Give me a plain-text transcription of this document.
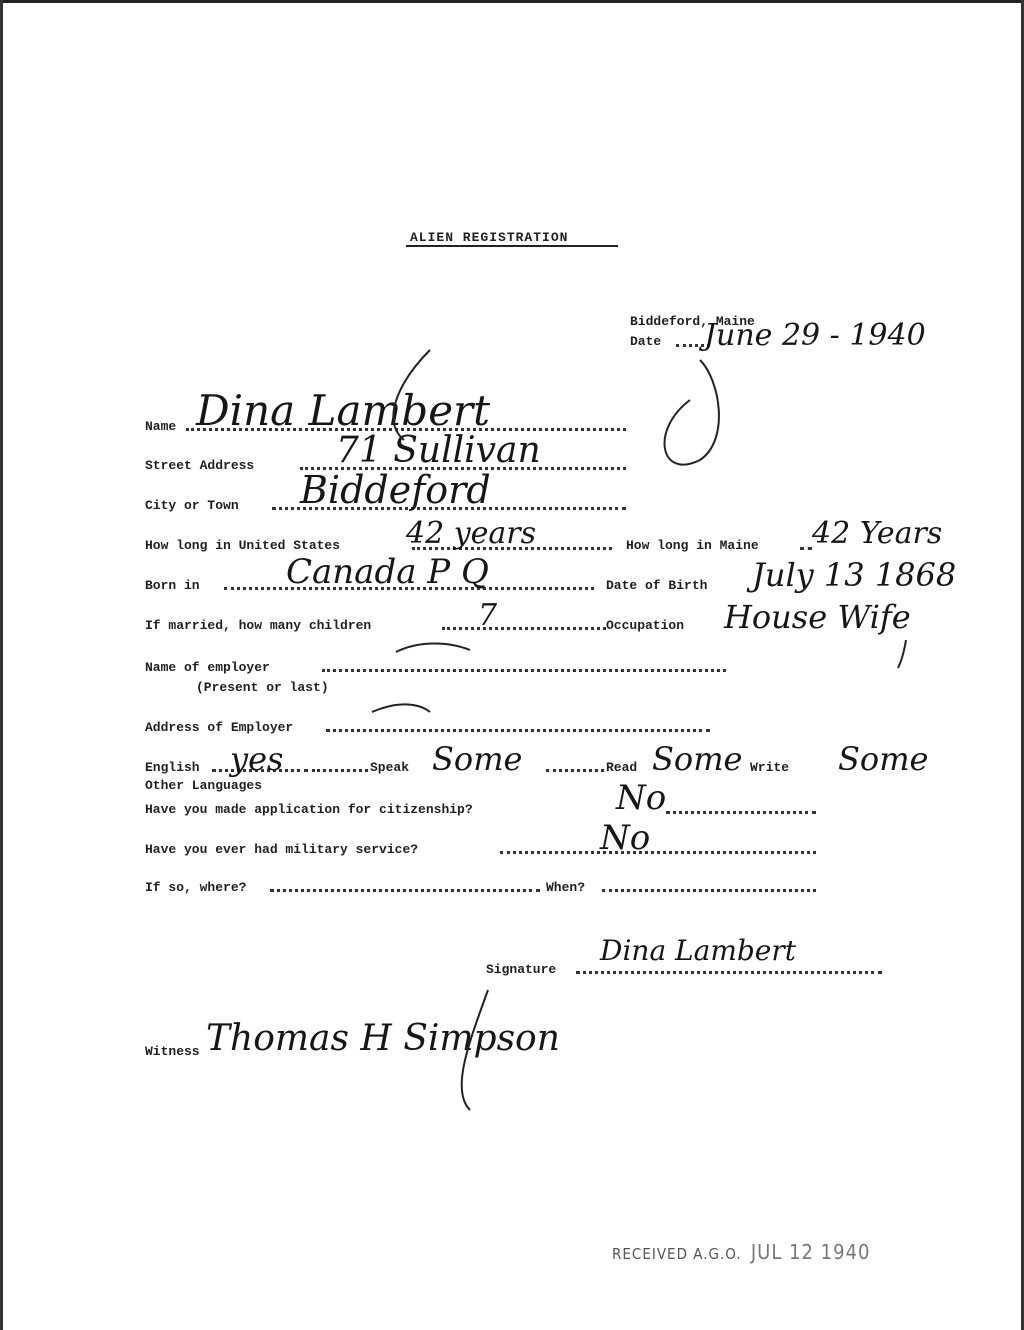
ALIEN REGISTRATION
Biddeford, Maine
Date June 29 - 1940
Name Dina Lambert
Street Address 71 Sullivan
City or Town Biddeford
How long in United States 42 years	How long in Maine 42 Years
Born in	Canada P Q	Date of Birth July 13 1868
If married, how many children	7	Occupation House Wife
Name of employer
(Present or last)
Address of Employer
English yes	Speak Some	Read Some Write Some
Other Languages
Have you made application for citizenship?	No
Have you ever had military service?	No
If so, where?	When?
Signature
Dina Lambert
Witness Thomas H Simpson
RECEIVED A.G.O. JUL 12 1940
